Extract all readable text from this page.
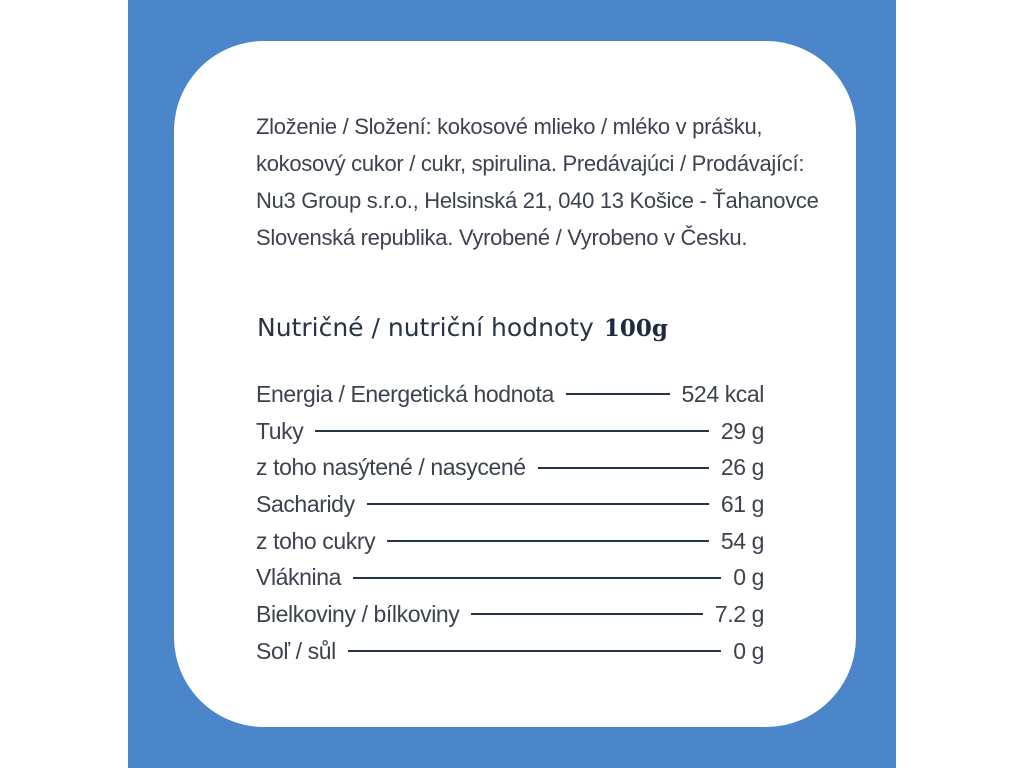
Zloženie / Složení: kokosové mlieko / mléko v prášku,
kokosový cukor / cukr, spirulina. Predávajúci / Prodávající:
Nu3 Group s.r.o., Helsinská 21, 040 13 Košice - Ťahanovce
Slovenská republika. Vyrobené / Vyrobeno v Česku.
Nutričné / nutriční hodnoty 100g
Energia / Energetická hodnota	524 kcal
Tuky	29 g
z toho nasýtené / nasycené	26 g
Sacharidy	61 g
z toho cukry	54 g
Vláknina	0 g
Bielkoviny / bílkoviny	7.2 g
Soľ / sůl	0 g
